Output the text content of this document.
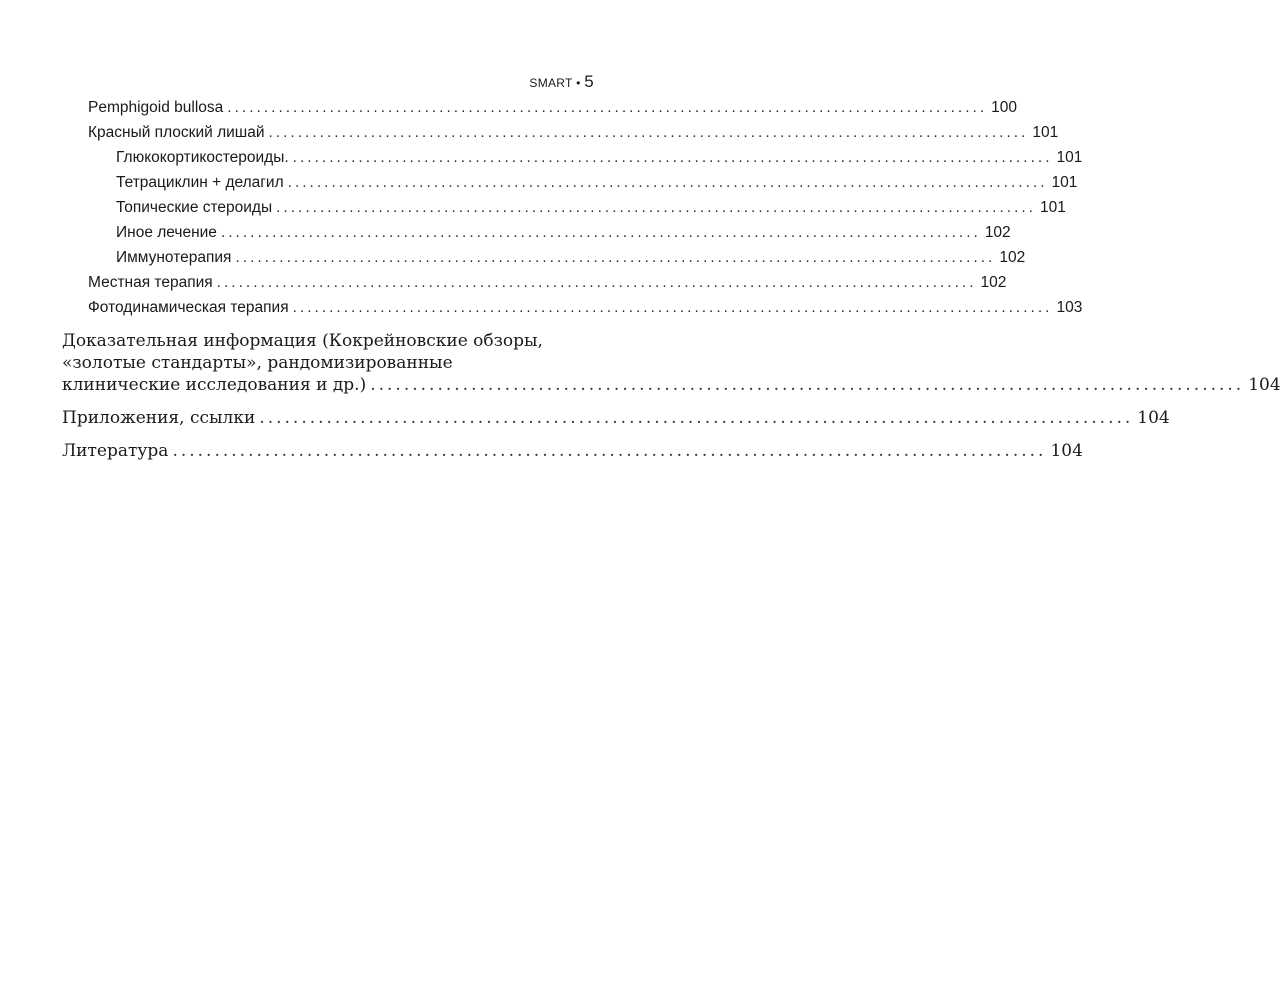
SMART • 5
Pemphigoid bullosa ........................................................................................................ 100
Красный плоский лишай ........................................................................................................ 101
Глюкокортикостероиды. ........................................................................................................ 101
Тетрациклин + делагил ........................................................................................................ 101
Топические стероиды ........................................................................................................ 101
Иное лечение ........................................................................................................ 102
Иммунотерапия ........................................................................................................ 102
Местная терапия ........................................................................................................ 102
Фотодинамическая терапия ........................................................................................................ 103
Доказательная информация (Кокрейновские обзоры,
«золотые стандарты», рандомизированные
клинические исследования и др.) ........................................................................................................ 104
Приложения, ссылки ........................................................................................................ 104
Литература ........................................................................................................ 104
